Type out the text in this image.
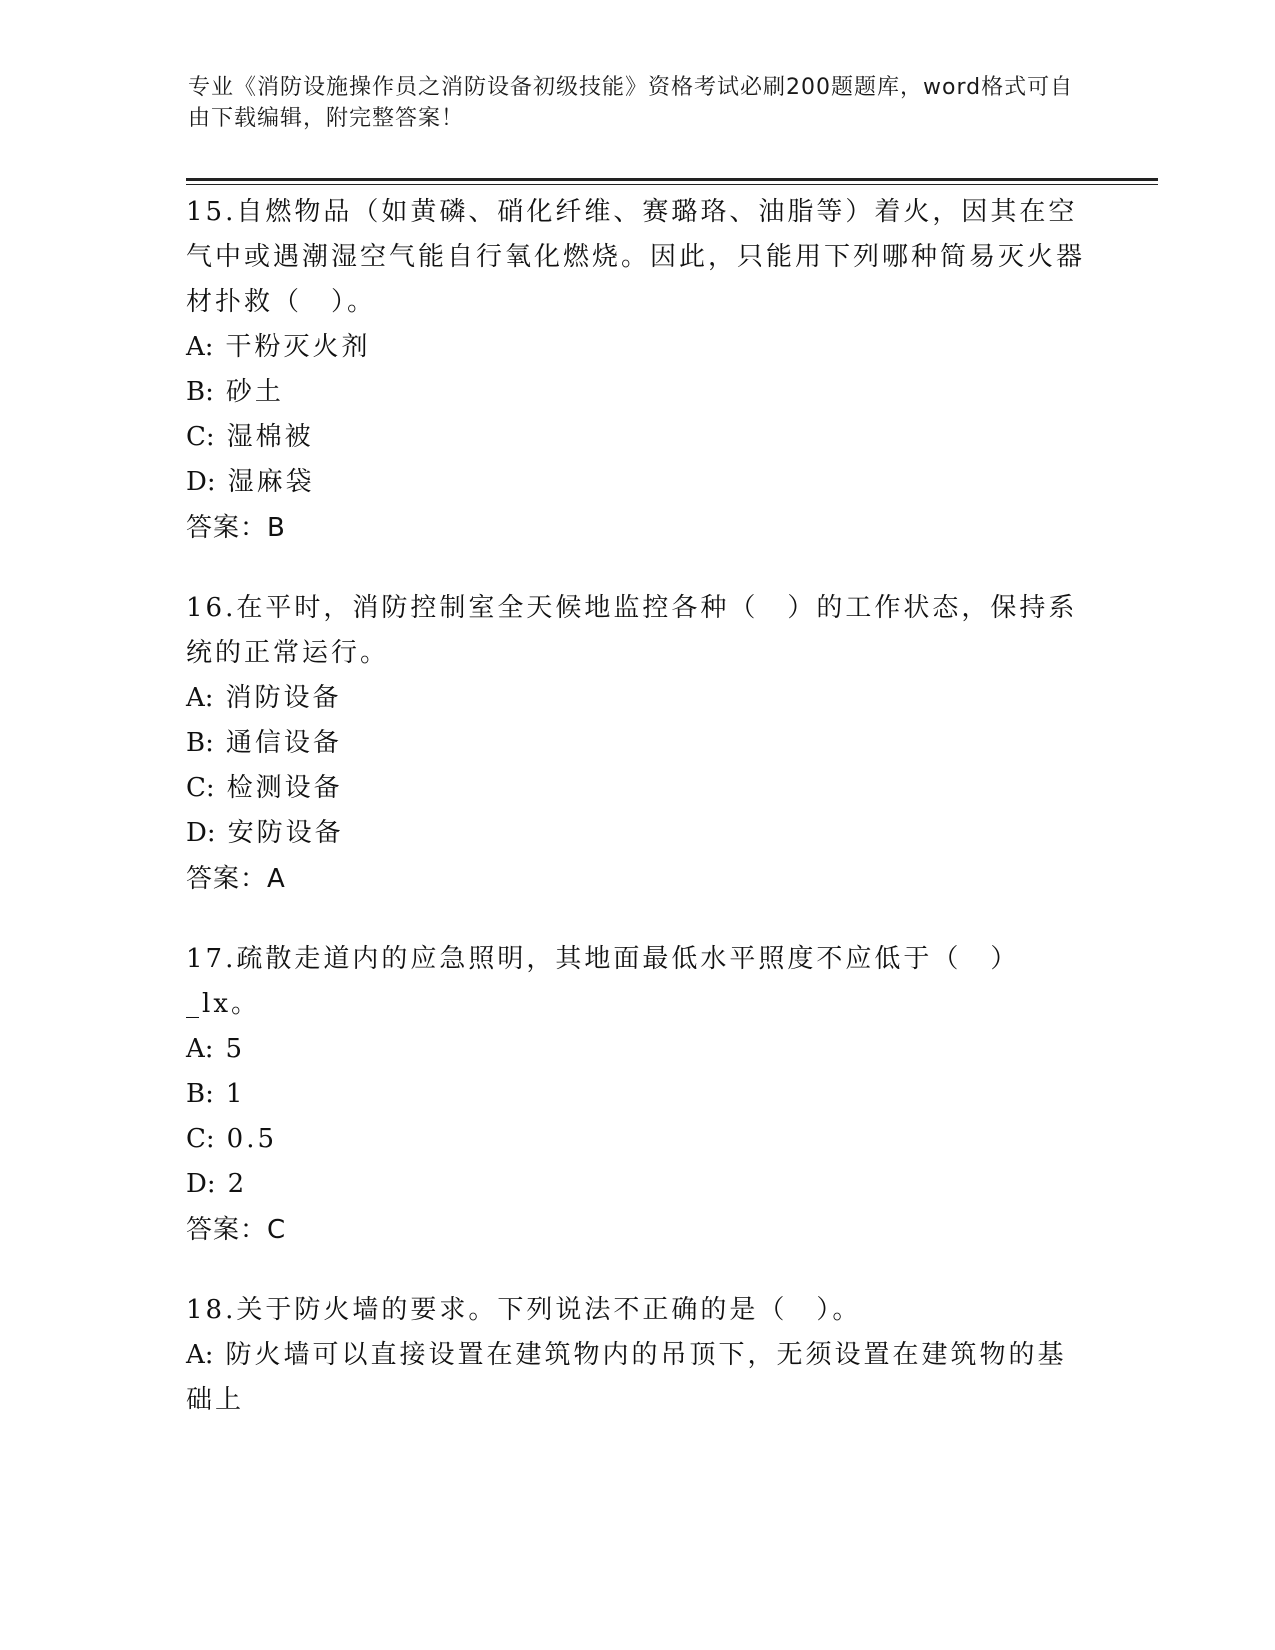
专业《消防设施操作员之消防设备初级技能》资格考试必刷200题题库，word格式可自由下载编辑，附完整答案！
15.自燃物品（如黄磷、硝化纤维、赛璐珞、油脂等）着火，因其在空气中或遇潮湿空气能自行氧化燃烧。因此，只能用下列哪种简易灭火器材扑救（　）。
A: 干粉灭火剂
B: 砂土
C: 湿棉被
D: 湿麻袋
答案：B
16.在平时，消防控制室全天候地监控各种（　）的工作状态，保持系统的正常运行。
A: 消防设备
B: 通信设备
C: 检测设备
D: 安防设备
答案：A
17.疏散走道内的应急照明，其地面最低水平照度不应低于（　）_lx。
A: 5
B: 1
C: 0.5
D: 2
答案：C
18.关于防火墙的要求。下列说法不正确的是（　）。
A: 防火墙可以直接设置在建筑物内的吊顶下，无须设置在建筑物的基础上
